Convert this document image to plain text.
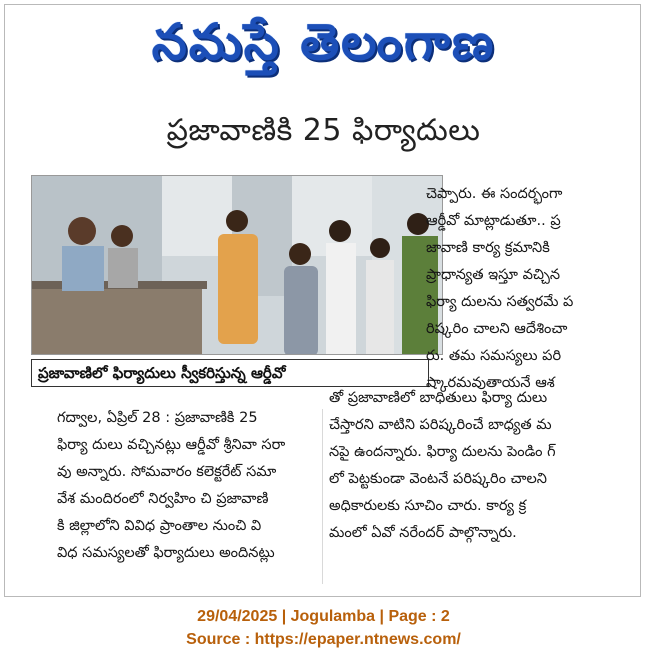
నమస్తే తెలంగాణ
ప్రజావాణికి 25 ఫిర్యాదులు
ప్రజావాణిలో ఫిర్యాదులు స్వీకరిస్తున్న ఆర్డీవో

చెప్పారు. ఈ సందర్భంగా

ఆర్డీవో మాట్లాడుతూ.. ప్ర

జావాణి కార్య క్రమానికి

ప్రాధాన్యత ఇస్తూ వచ్చిన

ఫిర్యా దులను సత్వరమే ప

రిష్కరిం చాలని ఆదేశించా

రు. తమ సమస్యలు పరి

ష్కారమవుతాయనే ఆశ

తో ప్రజావాణిలో బాధితులు ఫిర్యా దులు

చేస్తారని వాటిని పరిష్కరించే బాధ్యత మ

నపై ఉందన్నారు. ఫిర్యా దులను పెండిం గ్

లో పెట్టకుండా వెంటనే పరిష్కరిం చాలని

అధికారులకు సూచిం చారు. కార్య క్ర

మంలో ఏవో నరేందర్ పాల్గొన్నారు.

గద్వాల, ఏప్రిల్ 28 : ప్రజావాణికి 25

ఫిర్యా దులు వచ్చినట్లు ఆర్డీవో శ్రీనివా సరా

వు అన్నారు. సోమవారం కలెక్టరేట్ సమా

వేశ మందిరంలో నిర్వహిం చి ప్రజావాణి

కి జిల్లాలోని వివిధ ప్రాంతాల నుంచి వి

విధ సమస్యలతో ఫిర్యాదులు అందినట్లు

29/04/2025 | Jogulamba | Page : 2
Source : https://epaper.ntnews.com/
